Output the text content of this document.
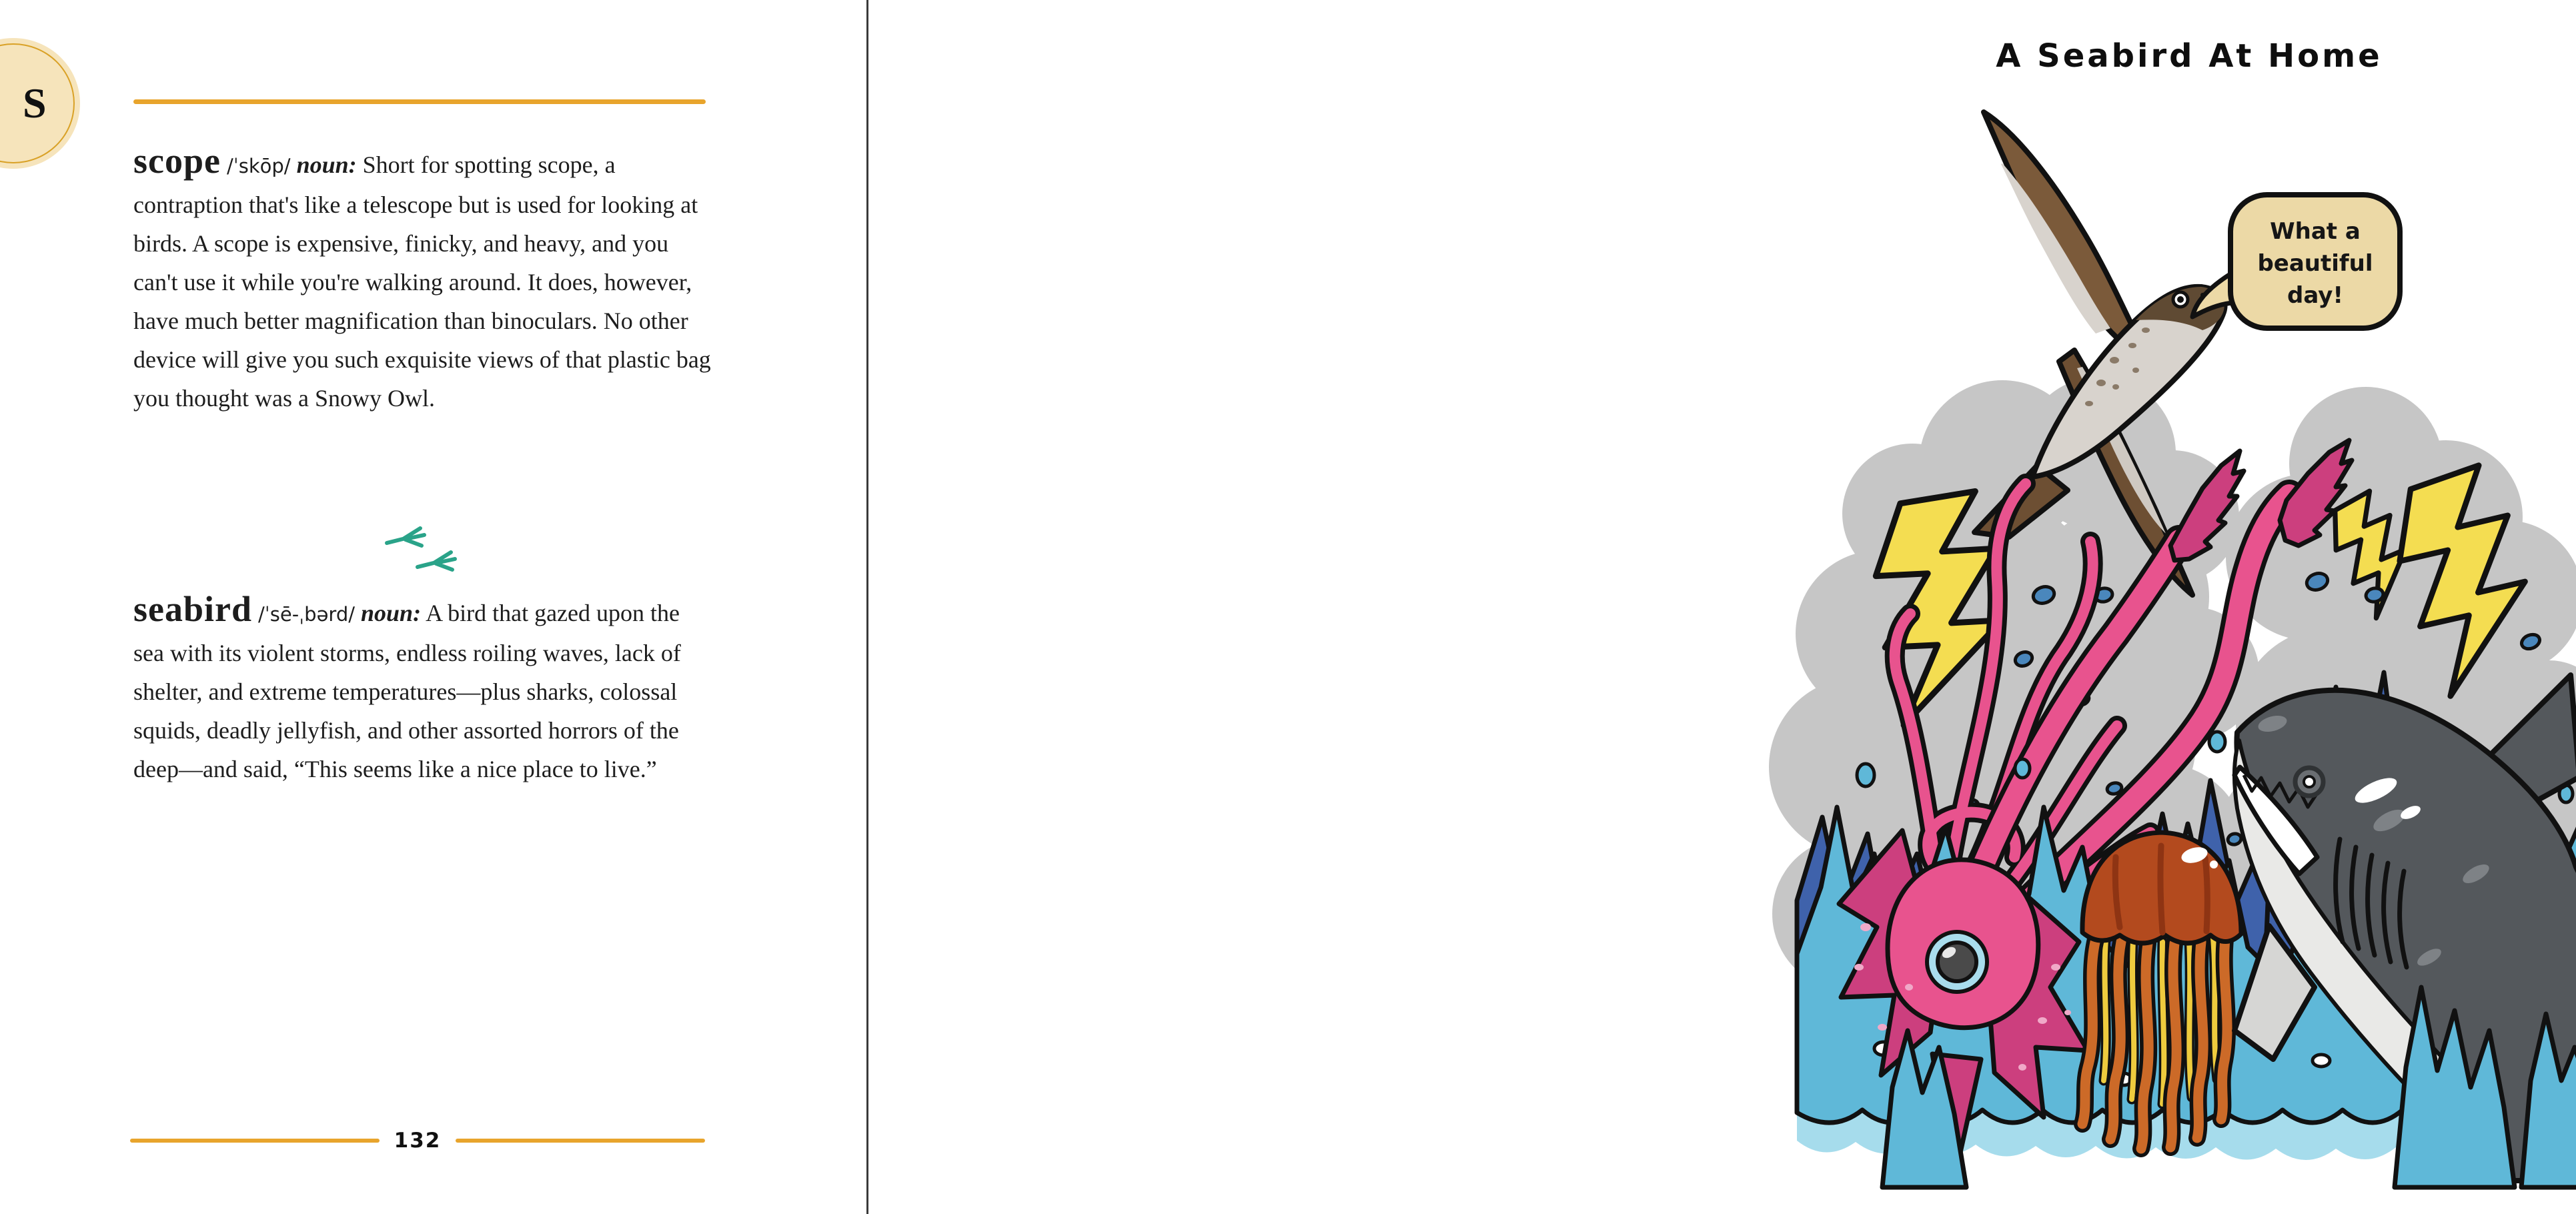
S

scope /ˈskōp/ noun: Short for spotting scope, a contraption that's like a telescope but is used for looking at birds. A scope is expensive, finicky, and heavy, and you can't use it while you're walking around. It does, however, have much better magnification than binoculars. No other device will give you such exquisite views of that plastic bag you thought was a Snowy Owl.

seabird /ˈsē-ˌbərd/ noun: A bird that gazed upon the sea with its violent storms, endless roiling waves, lack of shelter, and extreme temperatures—plus sharks, colossal squids, deadly jellyfish, and other assorted horrors of the deep—and said, “This seems like a nice place to live.”

132
A Seabird At Home
What a
beautiful
day!
